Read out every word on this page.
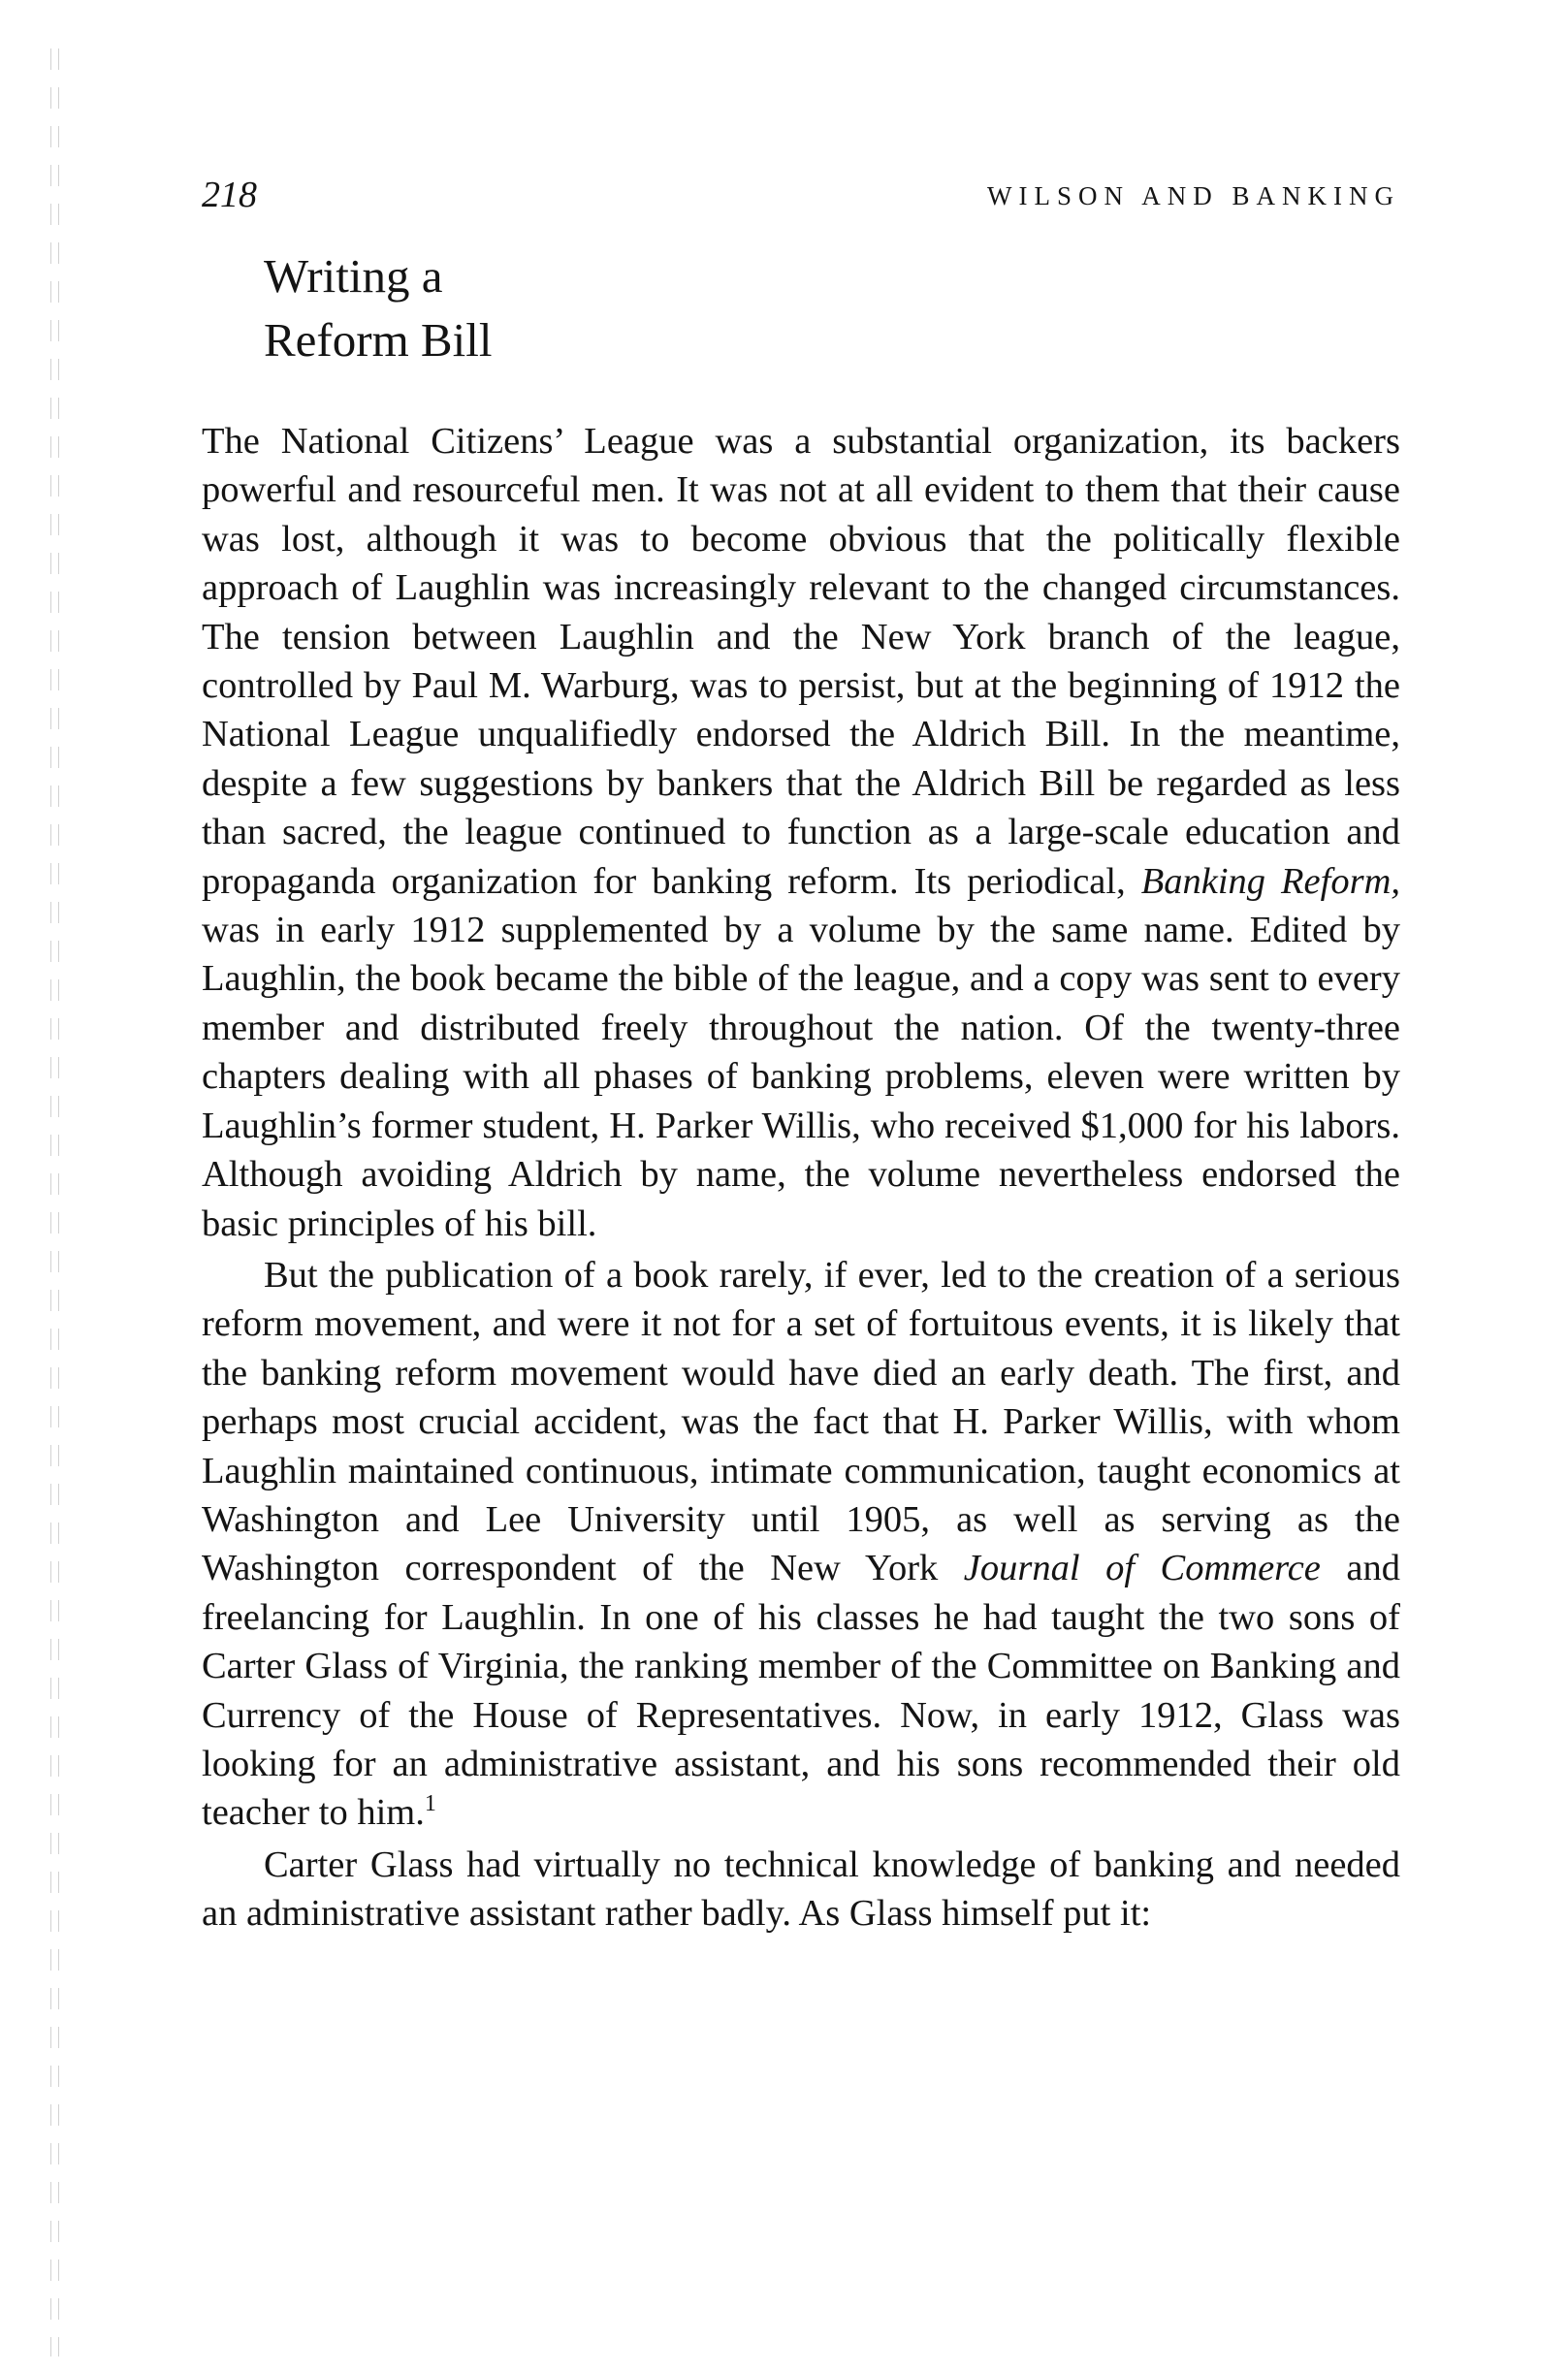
218	WILSON AND BANKING
Writing a
Reform Bill

The National Citizens’ League was a substantial organization, its backers powerful and resourceful men. It was not at all evident to them that their cause was lost, although it was to become obvious that the politically flexible approach of Laughlin was increasingly relevant to the changed circumstances. The tension between Laughlin and the New York branch of the league, controlled by Paul M. Warburg, was to persist, but at the beginning of 1912 the National League unqualifiedly endorsed the Aldrich Bill. In the meantime, despite a few suggestions by bankers that the Aldrich Bill be regarded as less than sacred, the league continued to function as a large-scale education and propaganda organization for banking reform. Its periodical, Banking Reform, was in early 1912 supplemented by a volume by the same name. Edited by Laughlin, the book became the bible of the league, and a copy was sent to every member and distributed freely throughout the nation. Of the twenty-three chapters dealing with all phases of banking problems, eleven were written by Laughlin’s former student, H. Parker Willis, who received $1,000 for his labors. Although avoiding Aldrich by name, the volume nevertheless endorsed the basic principles of his bill.

But the publication of a book rarely, if ever, led to the creation of a serious reform movement, and were it not for a set of fortuitous events, it is likely that the banking reform movement would have died an early death. The first, and perhaps most crucial accident, was the fact that H. Parker Willis, with whom Laughlin maintained continuous, intimate communication, taught economics at Washington and Lee University until 1905, as well as serving as the Washington correspondent of the New York Journal of Commerce and freelancing for Laughlin. In one of his classes he had taught the two sons of Carter Glass of Virginia, the ranking member of the Committee on Banking and Currency of the House of Representatives. Now, in early 1912, Glass was looking for an administrative assistant, and his sons recommended their old teacher to him.$^1$

Carter Glass had virtually no technical knowledge of banking and needed an administrative assistant rather badly. As Glass himself put it:
